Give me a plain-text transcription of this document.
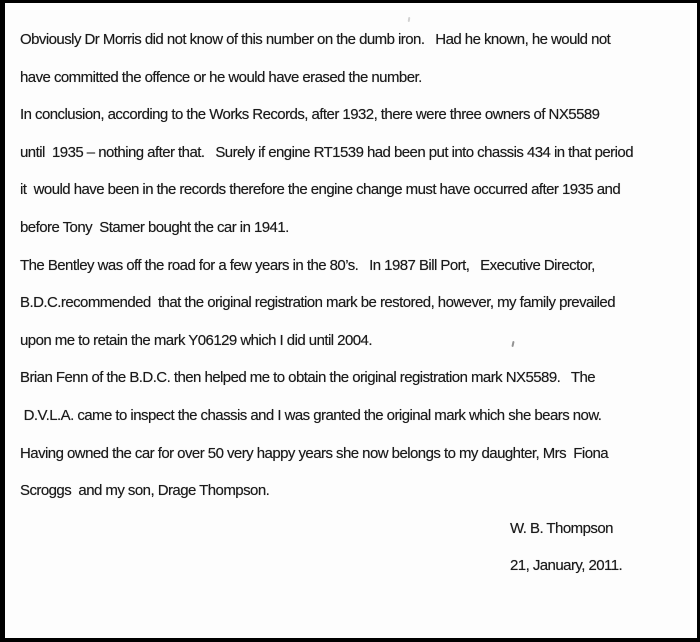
Obviously Dr Morris did not know of this number on the dumb iron.   Had he known, he would not
have committed the offence or he would have erased the number.
In conclusion, according to the Works Records, after 1932, there were three owners of NX5589
until  1935 – nothing after that.   Surely if engine RT1539 had been put into chassis 434 in that period
it  would have been in the records therefore the engine change must have occurred after 1935 and
before Tony  Stamer bought the car in 1941.
The Bentley was off the road for a few years in the 80’s.   In 1987 Bill Port,   Executive Director,
B.D.C.recommended  that the original registration mark be restored, however, my family prevailed
upon me to retain the mark Y06129 which I did until 2004.
Brian Fenn of the B.D.C. then helped me to obtain the original registration mark NX5589.   The
D.V.L.A. came to inspect the chassis and I was granted the original mark which she bears now.
Having owned the car for over 50 very happy years she now belongs to my daughter, Mrs  Fiona
Scroggs  and my son, Drage Thompson.
W. B. Thompson
21, January, 2011.
